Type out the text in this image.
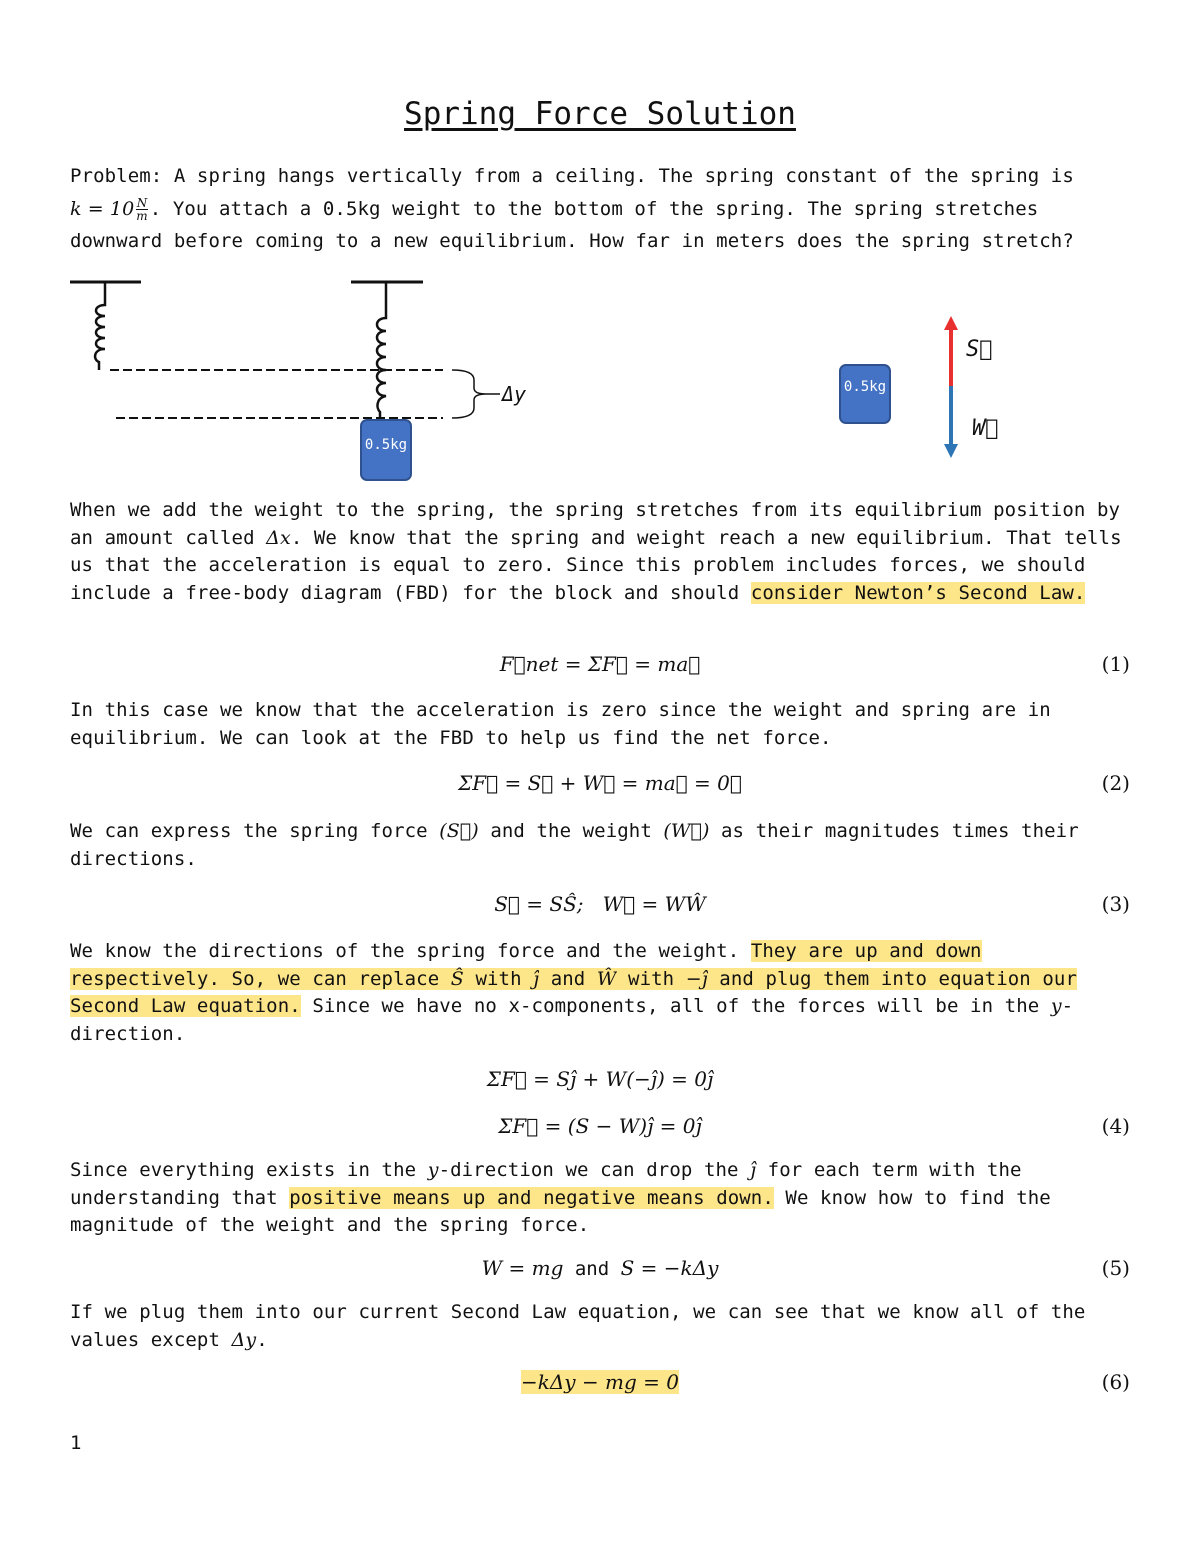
Spring Force Solution
Problem: A spring hangs vertically from a ceiling. The spring constant of the spring is
$k = 10 \frac{N}{m}$ . You attach a 0.5kg weight to the bottom of the spring. The spring stretches
downward before coming to a new equilibrium. How far in meters does the spring stretch?
Δy
0.5kg
0.5kg
S⃗
W⃗
When we add the weight to the spring, the spring stretches from its equilibrium position by an amount called Δx. We know that the spring and weight reach a new equilibrium. That tells us that the acceleration is equal to zero. Since this problem includes forces, we should include a free-body diagram (FBD) for the block and should consider Newton’s Second Law.
F⃗net = ΣF⃗ = ma⃗	(1)
In this case we know that the acceleration is zero since the weight and spring are in equilibrium. We can look at the FBD to help us find the net force.
ΣF⃗ = S⃗ + W⃗ = ma⃗ = 0⃗	(2)
We can express the spring force (S⃗) and the weight (W⃗) as their magnitudes times their directions.
S⃗ = SŜ;   W⃗ = WŴ	(3)
We know the directions of the spring force and the weight. They are up and down respectively. So, we can replace Ŝ with ĵ and Ŵ with −ĵ and plug them into equation our Second Law equation. Since we have no x-components, all of the forces will be in the y-direction.
ΣF⃗ = Sĵ + W(−ĵ) = 0ĵ
ΣF⃗ = (S − W)ĵ = 0ĵ	(4)
Since everything exists in the y-direction we can drop the ĵ for each term with the understanding that positive means up and negative means down. We know how to find the magnitude of the weight and the spring force.
W = mg and S = −kΔy	(5)
If we plug them into our current Second Law equation, we can see that we know all of the values except Δy.
−kΔy − mg = 0	(6)
1
